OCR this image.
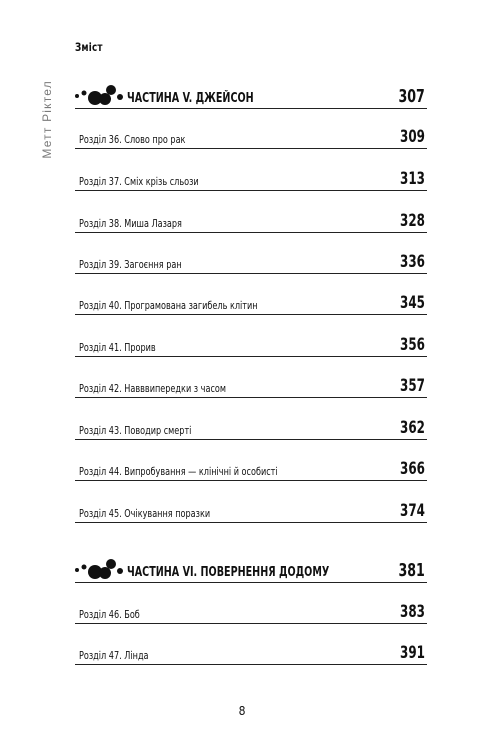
Зміст
Метт Ріктел	ЧАСТИНА V. ДЖЕЙСОН	307
Розділ 36. Слово про рак	309
Розділ 37. Сміх крізь сльози	313
Розділ 38. Миша Лазаря	328
Розділ 39. Загоєння ран	336
Розділ 40. Програмована загибель клітин	345
Розділ 41. Прорив	356
Розділ 42. Навввипередки з часом	357
Розділ 43. Поводир смерті	362
Розділ 44. Випробування — клінічні й особисті	366
Розділ 45. Очікування поразки	374
ЧАСТИНА VI. ПОВЕРНЕННЯ ДОДОМУ	381
Розділ 46. Боб	383
Розділ 47. Лінда	391
8
